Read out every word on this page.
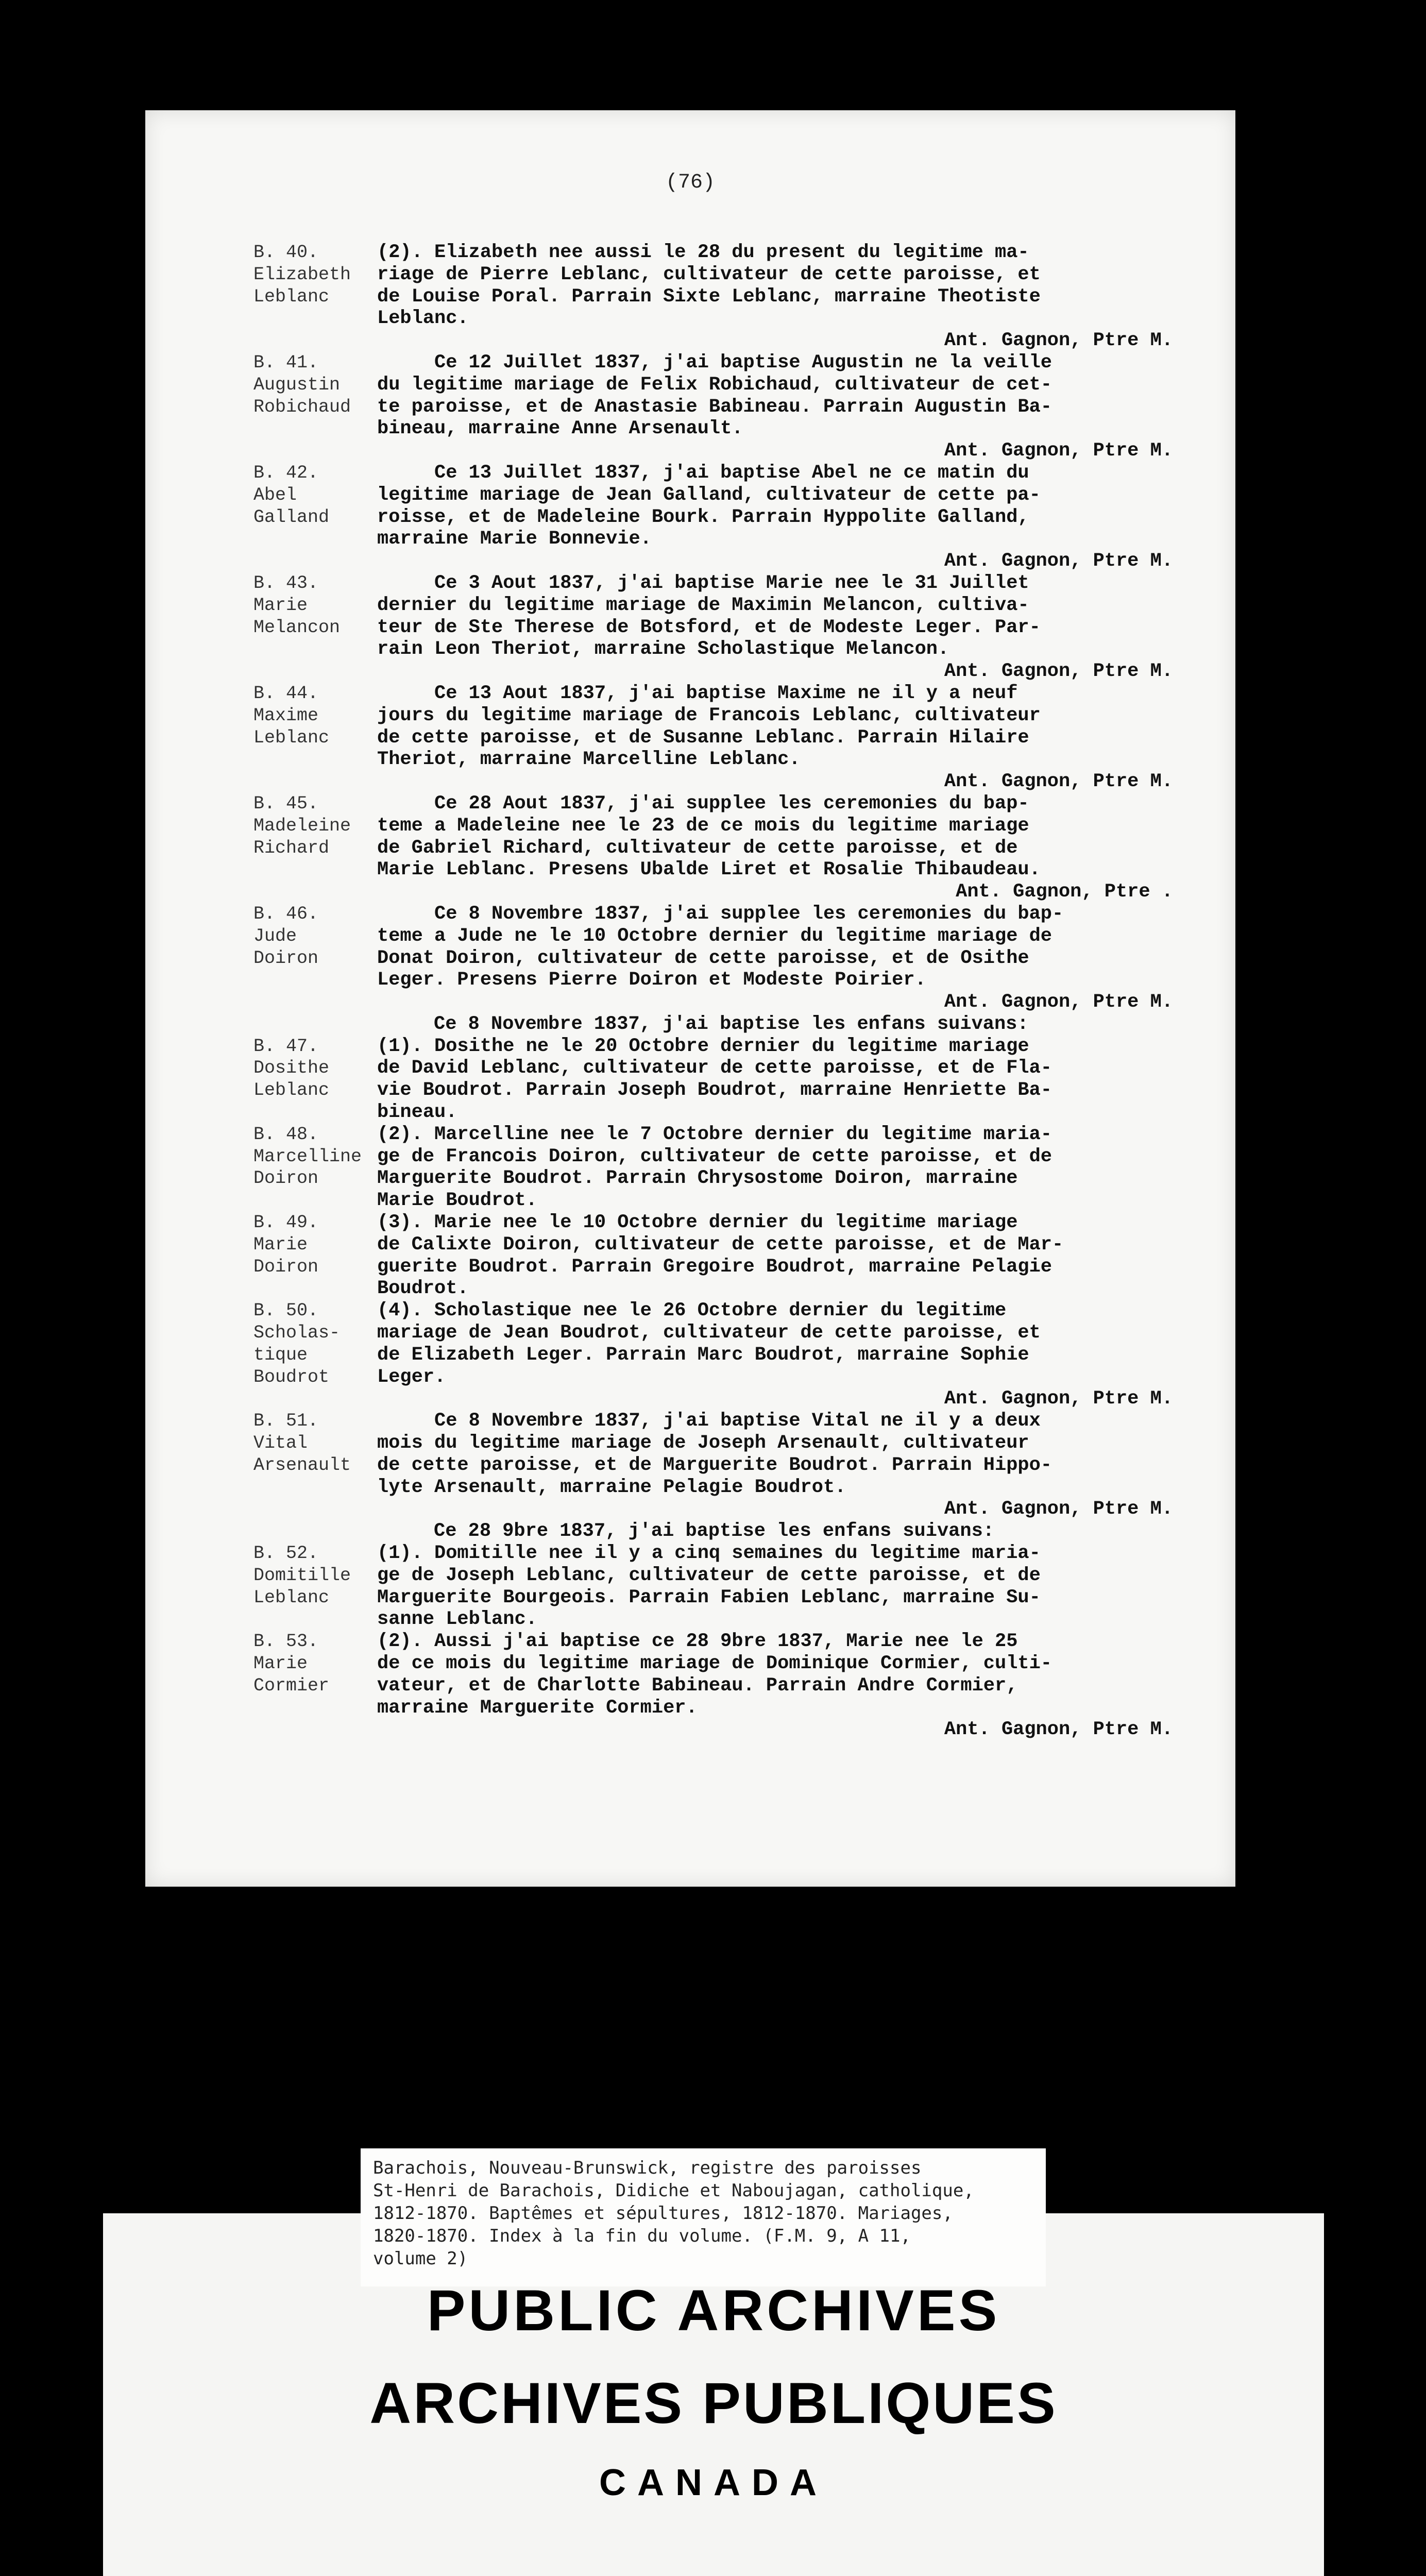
(76)
B. 40.
Elizabeth
Leblanc
(2). Elizabeth nee aussi le 28 du present du legitime ma-
riage de Pierre Leblanc, cultivateur de cette paroisse, et
de Louise Poral. Parrain Sixte Leblanc, marraine Theotiste
Leblanc.
Ant. Gagnon, Ptre M.
B. 41.
Augustin
Robichaud
Ce 12 Juillet 1837, j'ai baptise Augustin ne la veille
du legitime mariage de Felix Robichaud, cultivateur de cet-
te paroisse, et de Anastasie Babineau. Parrain Augustin Ba-
bineau, marraine Anne Arsenault.
Ant. Gagnon, Ptre M.
B. 42.
Abel
Galland
Ce 13 Juillet 1837, j'ai baptise Abel ne ce matin du
legitime mariage de Jean Galland, cultivateur de cette pa-
roisse, et de Madeleine Bourk. Parrain Hyppolite Galland,
marraine Marie Bonnevie.
Ant. Gagnon, Ptre M.
B. 43.
Marie
Melancon
Ce 3 Aout 1837, j'ai baptise Marie nee le 31 Juillet
dernier du legitime mariage de Maximin Melancon, cultiva-
teur de Ste Therese de Botsford, et de Modeste Leger. Par-
rain Leon Theriot, marraine Scholastique Melancon.
Ant. Gagnon, Ptre M.
B. 44.
Maxime
Leblanc
Ce 13 Aout 1837, j'ai baptise Maxime ne il y a neuf
jours du legitime mariage de Francois Leblanc, cultivateur
de cette paroisse, et de Susanne Leblanc. Parrain Hilaire
Theriot, marraine Marcelline Leblanc.
Ant. Gagnon, Ptre M.
B. 45.
Madeleine
Richard
Ce 28 Aout 1837, j'ai supplee les ceremonies du bap-
teme a Madeleine nee le 23 de ce mois du legitime mariage
de Gabriel Richard, cultivateur de cette paroisse, et de
Marie Leblanc. Presens Ubalde Liret et Rosalie Thibaudeau.
Ant. Gagnon, Ptre .
B. 46.
Jude
Doiron
Ce 8 Novembre 1837, j'ai supplee les ceremonies du bap-
teme a Jude ne le 10 Octobre dernier du legitime mariage de
Donat Doiron, cultivateur de cette paroisse, et de Osithe
Leger. Presens Pierre Doiron et Modeste Poirier.
Ant. Gagnon, Ptre M.
Ce 8 Novembre 1837, j'ai baptise les enfans suivans:
B. 47.
Dosithe
Leblanc
(1). Dosithe ne le 20 Octobre dernier du legitime mariage
de David Leblanc, cultivateur de cette paroisse, et de Fla-
vie Boudrot. Parrain Joseph Boudrot, marraine Henriette Ba-
bineau.
B. 48.
Marcelline
Doiron
(2). Marcelline nee le 7 Octobre dernier du legitime maria-
ge de Francois Doiron, cultivateur de cette paroisse, et de
Marguerite Boudrot. Parrain Chrysostome Doiron, marraine
Marie Boudrot.
B. 49.
Marie
Doiron
(3). Marie nee le 10 Octobre dernier du legitime mariage
de Calixte Doiron, cultivateur de cette paroisse, et de Mar-
guerite Boudrot. Parrain Gregoire Boudrot, marraine Pelagie
Boudrot.
B. 50.
Scholas-
tique
Boudrot
(4). Scholastique nee le 26 Octobre dernier du legitime
mariage de Jean Boudrot, cultivateur de cette paroisse, et
de Elizabeth Leger. Parrain Marc Boudrot, marraine Sophie
Leger.
Ant. Gagnon, Ptre M.
B. 51.
Vital
Arsenault
Ce 8 Novembre 1837, j'ai baptise Vital ne il y a deux
mois du legitime mariage de Joseph Arsenault, cultivateur
de cette paroisse, et de Marguerite Boudrot. Parrain Hippo-
lyte Arsenault, marraine Pelagie Boudrot.
Ant. Gagnon, Ptre M.
Ce 28 9bre 1837, j'ai baptise les enfans suivans:
B. 52.
Domitille
Leblanc
(1). Domitille nee il y a cinq semaines du legitime maria-
ge de Joseph Leblanc, cultivateur de cette paroisse, et de
Marguerite Bourgeois. Parrain Fabien Leblanc, marraine Su-
sanne Leblanc.
B. 53.
Marie
Cormier
(2). Aussi j'ai baptise ce 28 9bre 1837, Marie nee le 25
de ce mois du legitime mariage de Dominique Cormier, culti-
vateur, et de Charlotte Babineau. Parrain Andre Cormier,
marraine Marguerite Cormier.
Ant. Gagnon, Ptre M.
Barachois, Nouveau-Brunswick, registre des paroisses
St-Henri de Barachois, Didiche et Naboujagan, catholique,
1812-1870. Baptêmes et sépultures, 1812-1870. Mariages,
1820-1870. Index à la fin du volume. (F.M. 9, A 11,
volume 2)
PUBLIC ARCHIVES
ARCHIVES PUBLIQUES
CANADA
